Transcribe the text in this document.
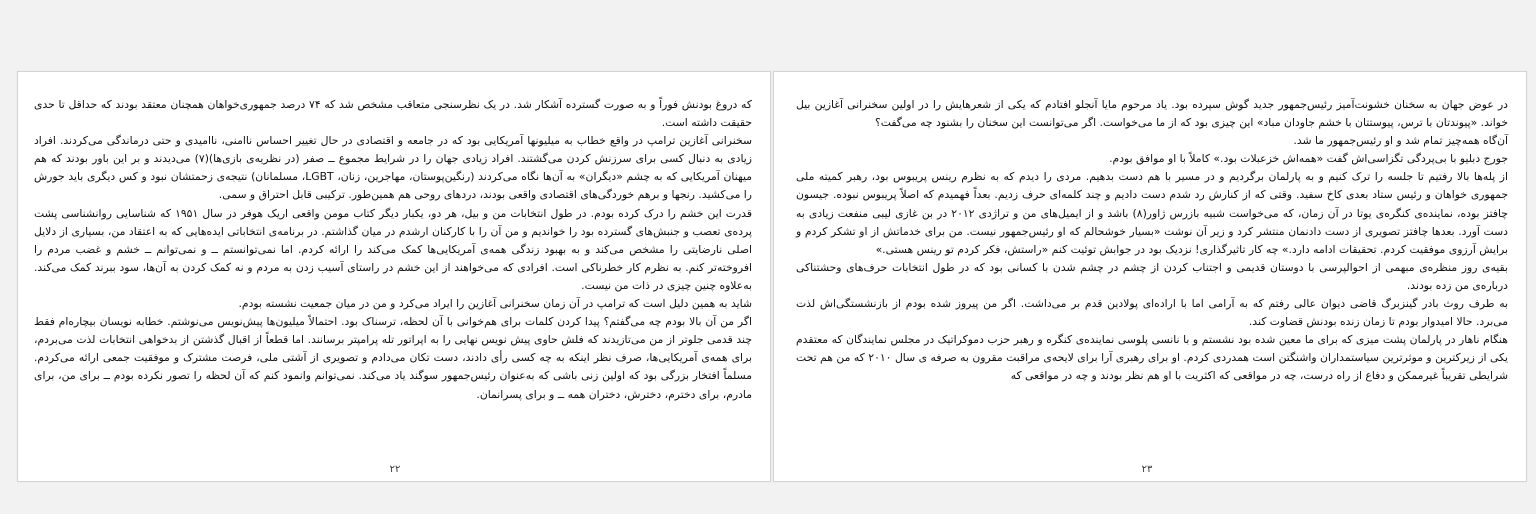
که دروغ بودنش فوراً و به صورت گسترده آشکار شد. در یک نظرسنجی متعاقب مشخص شد که ۷۴ درصد جمهوری‌خواهان همچنان معتقد بودند که حداقل تا حدی حقیقت داشته است.

سخنرانی آغازین ترامپ در واقع خطاب به میلیونها آمریکایی بود که در جامعه و اقتصادی در حال تغییر احساس ناامنی، ناامیدی و حتی درماندگی می‌کردند. افراد زیادی به دنبال کسی برای سرزنش کردن می‌گشتند. افراد زیادی جهان را در شرایط مجموع ــ صفر (در نظریه‌ی بازی‌ها)(۷) می‌دیدند و بر این باور بودند که هم میهنان آمریکایی که به چشم «دیگران» به آن‌ها نگاه می‌کردند (رنگین‌پوستان، مهاجرین، زنان، LGBT، مسلمانان) نتیجه‌ی زحمتشان نبود و کس دیگری باید جورش را می‌کشید. رنجها و برهم خوردگی‌های اقتصادی واقعی بودند، دردهای روحی هم همین‌طور. ترکیبی قابل احتراق و سمی.

قدرت این خشم را درک کرده بودم. در طول انتخابات من و بیل، هر دو، یکبار دیگر کتاب مومن واقعی اریک هوفر در سال ۱۹۵۱ که شناسایی روانشناسی پشت پرده‌ی تعصب و جنبش‌های گسترده بود را خواندیم و من آن را با کارکنان ارشدم در میان گذاشتم. در برنامه‌ی انتخاباتی ایده‌هایی که به اعتقاد من، بسیاری از دلایل اصلی نارضایتی را مشخص می‌کند و به بهبود زندگی همه‌ی آمریکایی‌ها کمک می‌کند را ارائه کردم. اما نمی‌توانستم ــ و نمی‌توانم ــ خشم و غضب مردم را افروخته‌تر کنم. به نظرم کار خطرناکی است. افرادی که می‌خواهند از این خشم در راستای آسیب زدن به مردم و نه کمک کردن به آن‌ها، سود ببرند کمک می‌کند. به‌علاوه چنین چیزی در ذات من نیست.

شاید به همین دلیل است که ترامپ در آن زمان سخنرانی آغازین را ایراد می‌کرد و من در میان جمعیت نشسته بودم.

اگر من آن بالا بودم چه می‌گفتم؟ پیدا کردن کلمات برای هم‌خوانی با آن لحظه، ترسناک بود. احتمالاً میلیون‌ها پیش‌نویس می‌نوشتم. خطابه نویسان بیچاره‌ام فقط چند قدمی جلوتر از من می‌تازیدند که فلش حاوی پیش نویس نهایی را به اپراتور تله پرامپتر برسانند. اما قطعاً از اقبال گذشتن از بدخواهی انتخابات لذت می‌بردم، برای همه‌ی آمریکایی‌ها، صرف نظر اینکه به چه کسی رأی دادند، دست تکان می‌دادم و تصویری از آشتی ملی، فرصت مشترک و موفقیت جمعی ارائه می‌کردم. مسلماً افتخار بزرگی بود که اولین زنی باشی که به‌عنوان رئیس‌جمهور سوگند یاد می‌کند. نمی‌توانم وانمود کنم که آن لحظه را تصور نکرده بودم ــ برای من، برای مادرم، برای دخترم، دخترش، دختران همه ــ و برای پسرانمان.

۲۲

در عوض جهان به سخنان خشونت‌آمیز رئیس‌جمهور جدید گوش سپرده بود. یاد مرحوم مایا آنجلو افتادم که یکی از شعرهایش را در اولین سخنرانی آغازین بیل خواند. «پیوندتان با ترس، پیوستتان با خشم جاودان مباد» این چیزی بود که از ما می‌خواست. اگر می‌توانست این سخنان را بشنود چه می‌گفت؟

آن‌گاه همه‌چیز تمام شد و او رئیس‌جمهور ما شد.

جورج دبلیو با بی‌پردگی تگزاسی‌اش گفت «همه‌اش خزعبلات بود.» کاملاً با او موافق بودم.

از پله‌ها بالا رفتیم تا جلسه را ترک کنیم و به پارلمان برگردیم و در مسیر با هم دست بدهیم. مردی را دیدم که به نظرم رینس پریبوس بود، رهبر کمیته ملی جمهوری خواهان و رئیس ستاد بعدی کاخ سفید. وقتی که از کنارش رد شدم دست دادیم و چند کلمه‌ای حرف زدیم. بعداً فهمیدم که اصلاً پریبوس نبوده. جیسون چافتز بوده، نماینده‌ی کنگره‌ی یوتا در آن زمان، که می‌خواست شبیه بازرس ژاور(۸) باشد و از ایمیل‌های من و تراژدی ۲۰۱۲ در بن غازی لیبی منفعت زیادی به دست آورد. بعدها چافتز تصویری از دست دادنمان منتشر کرد و زیر آن نوشت «بسیار خوشحالم که او رئیس‌جمهور نیست. من برای خدماتش از او تشکر کردم و برایش آرزوی موفقیت کردم. تحقیقات ادامه دارد.» چه کار تاثیرگذاری! نزدیک بود در جوابش توئیت کنم «راستش، فکر کردم تو رینس هستی.»

بقیه‌ی روز منظره‌ی مبهمی از احوالپرسی با دوستان قدیمی و اجتناب کردن از چشم در چشم شدن با کسانی بود که در طول انتخابات حرف‌های وحشتناکی درباره‌ی من زده بودند.

به طرف روث بادر گینزبرگ قاضی دیوان عالی رفتم که به آرامی اما با اراده‌ای پولادین قدم بر می‌داشت. اگر من پیروز شده بودم از بازنشستگی‌اش لذت می‌برد. حالا امیدوار بودم تا زمان زنده بودنش قضاوت کند.

هنگام ناهار در پارلمان پشت میزی که برای ما معین شده بود نشستم و با نانسی پلوسی نماینده‌ی کنگره و رهبر حزب دموکراتیک در مجلس نمایندگان که معتقدم یکی از زیرکترین و موثرترین سیاستمداران واشنگتن است همدردی کردم. او برای رهبری آرا برای لایحه‌ی مراقبت مقرون به صرفه ی سال ۲۰۱۰ که من هم تحت شرایطی تقریباً غیرممکن و دفاع از راه درست، چه در مواقعی که اکثریت با او هم نظر بودند و چه در مواقعی که

۲۳
